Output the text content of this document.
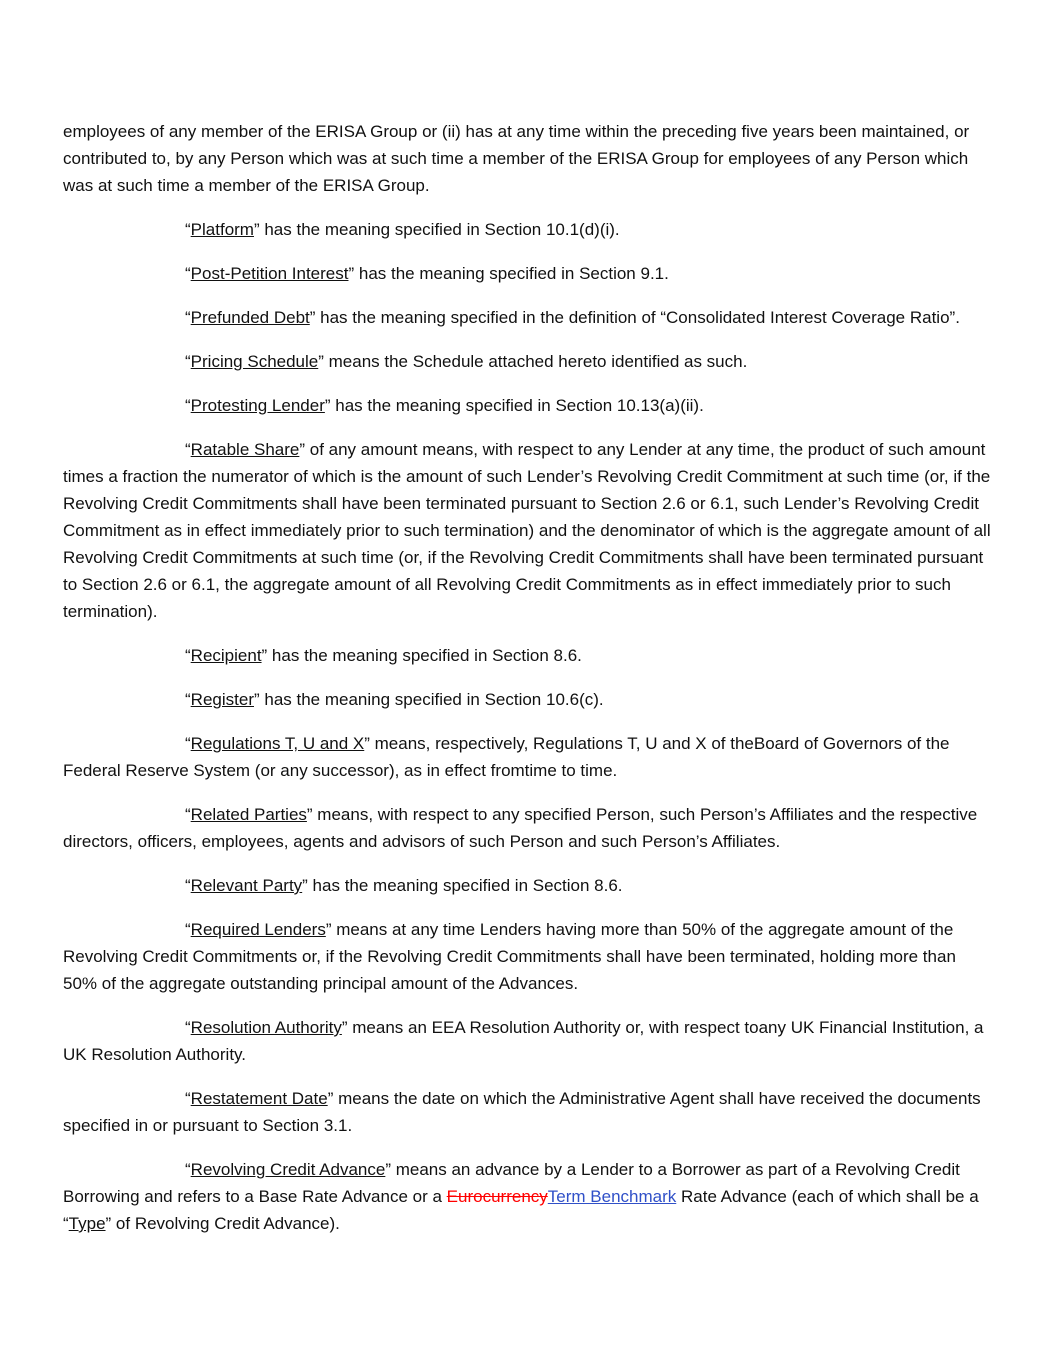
employees of any member of the ERISA Group or (ii) has at any time within the preceding five years been maintained, or contributed to, by any Person which was at such time a member of the ERISA Group for employees of any Person which was at such time a member of the ERISA Group.

“Platform” has the meaning specified in Section 10.1(d)(i).

“Post-Petition Interest” has the meaning specified in Section 9.1.

“Prefunded Debt” has the meaning specified in the definition of “Consolidated Interest Coverage Ratio”.

“Pricing Schedule” means the Schedule attached hereto identified as such.

“Protesting Lender” has the meaning specified in Section 10.13(a)(ii).

“Ratable Share” of any amount means, with respect to any Lender at any time, the product of such amount times a fraction the numerator of which is the amount of such Lender’s Revolving Credit Commitment at such time (or, if the Revolving Credit Commitments shall have been terminated pursuant to Section 2.6 or 6.1, such Lender’s Revolving Credit Commitment as in effect immediately prior to such termination) and the denominator of which is the aggregate amount of all Revolving Credit Commitments at such time (or, if the Revolving Credit Commitments shall have been terminated pursuant to Section 2.6 or 6.1, the aggregate amount of all Revolving Credit Commitments as in effect immediately prior to such termination).

“Recipient” has the meaning specified in Section 8.6.

“Register” has the meaning specified in Section 10.6(c).

“Regulations T, U and X” means, respectively, Regulations T, U and X of theBoard of Governors of the Federal Reserve System (or any successor), as in effect fromtime to time.

“Related Parties” means, with respect to any specified Person, such Person’s Affiliates and the respective directors, officers, employees, agents and advisors of such Person and such Person’s Affiliates.

“Relevant Party” has the meaning specified in Section 8.6.

“Required Lenders” means at any time Lenders having more than 50% of the aggregate amount of the Revolving Credit Commitments or, if the Revolving Credit Commitments shall have been terminated, holding more than 50% of the aggregate outstanding principal amount of the Advances.

“Resolution Authority” means an EEA Resolution Authority or, with respect toany UK Financial Institution, a UK Resolution Authority.

“Restatement Date” means the date on which the Administrative Agent shall have received the documents specified in or pursuant to Section 3.1.

“Revolving Credit Advance” means an advance by a Lender to a Borrower as part of a Revolving Credit Borrowing and refers to a Base Rate Advance or a EurocurrencyTerm Benchmark Rate Advance (each of which shall be a “Type” of Revolving Credit Advance).
